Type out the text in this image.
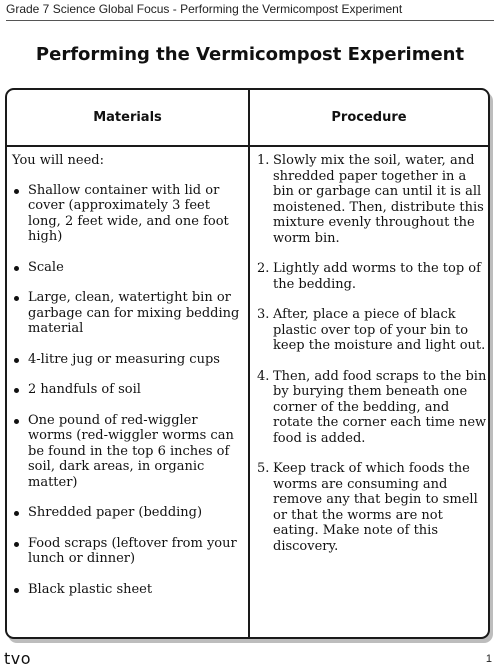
Grade 7 Science Global Focus - Performing the Vermicompost Experiment
Performing the Vermicompost Experiment
Materials	Procedure

You will need:

Shallow container with lid or cover (approximately 3 feet long, 2 feet wide, and one foot high)
Scale
Large, clean, watertight bin or garbage can for mixing bedding material
4-litre jug or measuring cups
2 handfuls of soil
One pound of red-wiggler worms (red-wiggler worms can be found in the top 6 inches of soil, dark areas, in organic matter)
Shredded paper (bedding)
Food scraps (leftover from your lunch or dinner)
Black plastic sheet
1. Slowly mix the soil, water, and shredded paper together in a bin or garbage can until it is all moistened. Then, distribute this mixture evenly throughout the worm bin.
2. Lightly add worms to the top of the bedding.
3. After, place a piece of black plastic over top of your bin to keep the moisture and light out.
4. Then, add food scraps to the bin by burying them beneath one corner of the bedding, and rotate the corner each time new food is added.
5. Keep track of which foods the worms are consuming and remove any that begin to smell or that the worms are not eating. Make note of this discovery.
tvo	1
